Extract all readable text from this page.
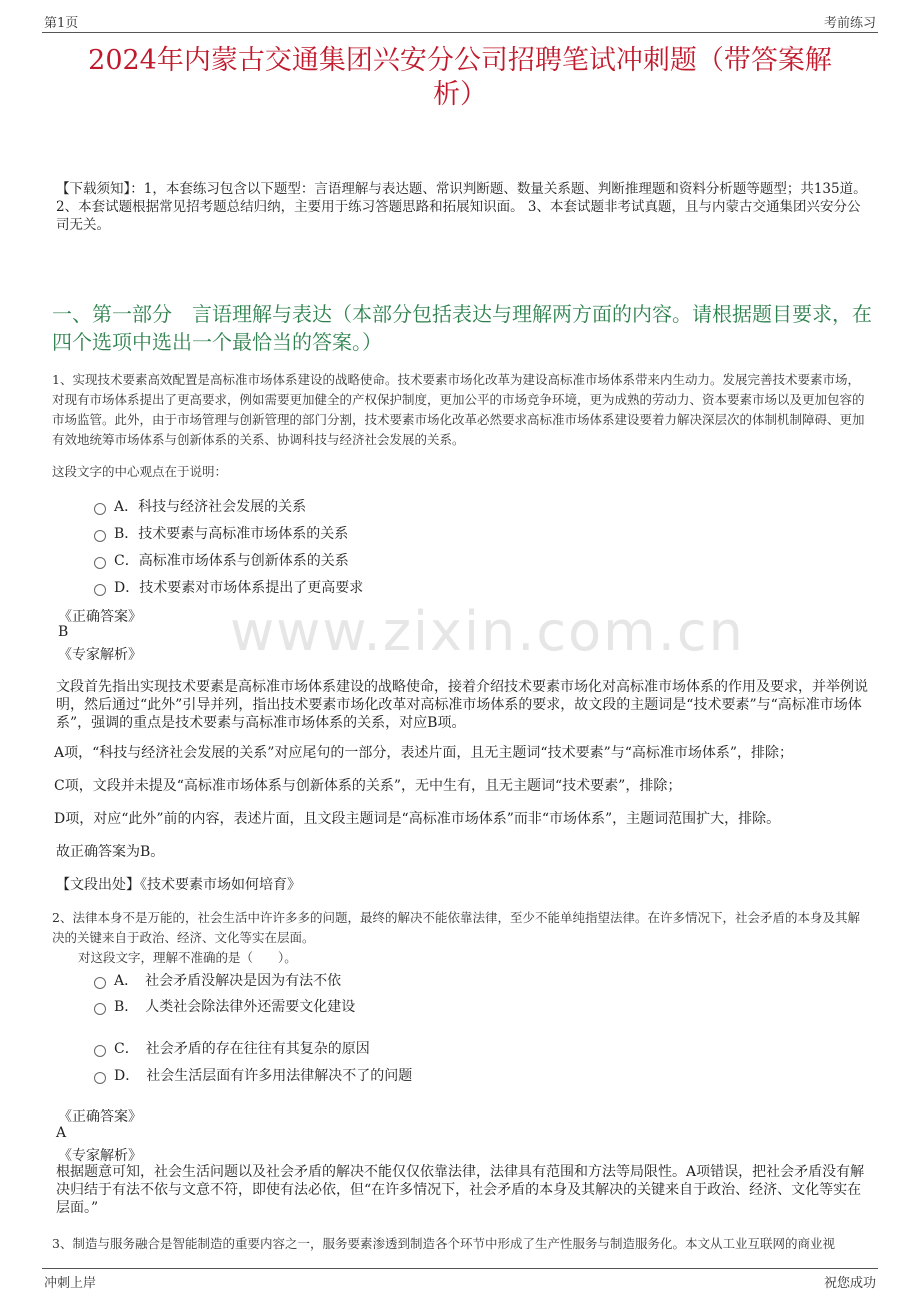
第1页	考前练习
www.zixin.com.cn
2024年内蒙古交通集团兴安分公司招聘笔试冲刺题（带答案解
析）
【下载须知】：1，本套练习包含以下题型：言语理解与表达题、常识判断题、数量关系题、判断推理题和资料分析题等题型；共135道。 2、本套试题根据常见招考题总结归纳，主要用于练习答题思路和拓展知识面。 3、本套试题非考试真题，且与内蒙古交通集团兴安分公司无关。
一、第一部分　言语理解与表达（本部分包括表达与理解两方面的内容。请根据题目要求，在四个选项中选出一个最恰当的答案。）
1、实现技术要素高效配置是高标准市场体系建设的战略使命。技术要素市场化改革为建设高标准市场体系带来内生动力。发展完善技术要素市场，对现有市场体系提出了更高要求，例如需要更加健全的产权保护制度，更加公平的市场竞争环境，更为成熟的劳动力、资本要素市场以及更加包容的市场监管。此外，由于市场管理与创新管理的部门分割，技术要素市场化改革必然要求高标准市场体系建设要着力解决深层次的体制机制障碍、更加有效地统筹市场体系与创新体系的关系、协调科技与经济社会发展的关系。
这段文字的中心观点在于说明：
A．科技与经济社会发展的关系
B．技术要素与高标准市场体系的关系
C．高标准市场体系与创新体系的关系
D．技术要素对市场体系提出了更高要求
《正确答案》
B
《专家解析》
文段首先指出实现技术要素是高标准市场体系建设的战略使命，接着介绍技术要素市场化对高标准市场体系的作用及要求，并举例说明，然后通过“此外”引导并列，指出技术要素市场化改革对高标准市场体系的要求，故文段的主题词是“技术要素”与“高标准市场体系”，强调的重点是技术要素与高标准市场体系的关系，对应B项。
A项，“科技与经济社会发展的关系”对应尾句的一部分，表述片面，且无主题词“技术要素”与“高标准市场体系”，排除；
C项，文段并未提及“高标准市场体系与创新体系的关系”，无中生有，且无主题词“技术要素”，排除；
D项，对应“此外”前的内容，表述片面，且文段主题词是“高标准市场体系”而非“市场体系”，主题词范围扩大，排除。
故正确答案为B。
【文段出处】《技术要素市场如何培育》
2、法律本身不是万能的，社会生活中许许多多的问题，最终的解决不能依靠法律，至少不能单纯指望法律。在许多情况下，社会矛盾的本身及其解决的关键来自于政治、经济、文化等实在层面。
对这段文字，理解不准确的是（　　）。
A．　社会矛盾没解决是因为有法不依
B．　人类社会除法律外还需要文化建设
C．　社会矛盾的存在往往有其复杂的原因
D．　社会生活层面有许多用法律解决不了的问题
《正确答案》
A
《专家解析》
根据题意可知，社会生活问题以及社会矛盾的解决不能仅仅依靠法律，法律具有范围和方法等局限性。A项错误，把社会矛盾没有解决归结于有法不依与文意不符，即使有法必依，但“在许多情况下，社会矛盾的本身及其解决的关键来自于政治、经济、文化等实在层面。”
3、制造与服务融合是智能制造的重要内容之一，服务要素渗透到制造各个环节中形成了生产性服务与制造服务化。本文从工业互联网的商业视
冲刺上岸	祝您成功
